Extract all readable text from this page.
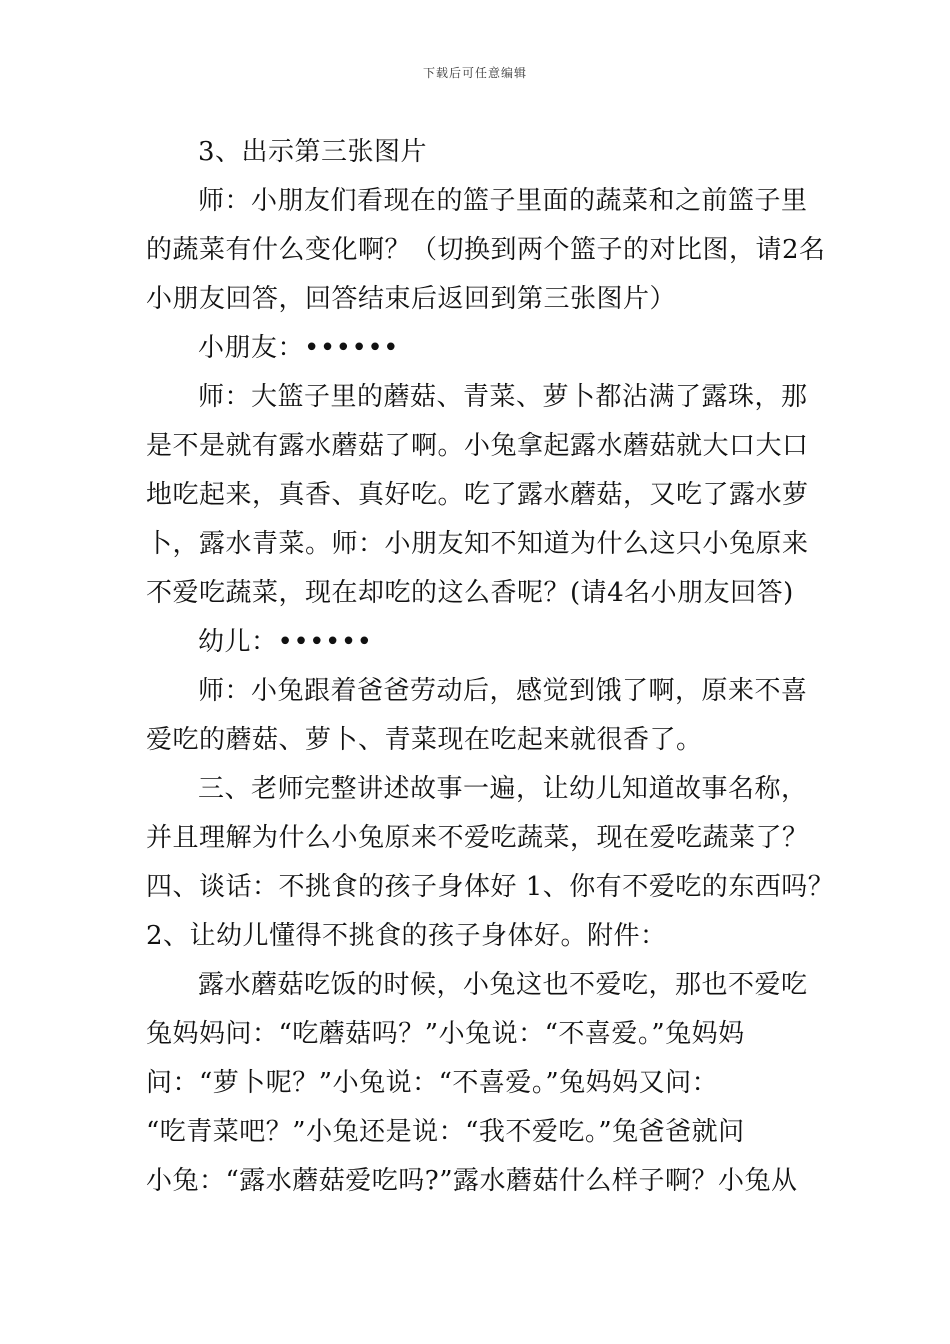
下载后可任意编辑
3、出示第三张图片
师：小朋友们看现在的篮子里面的蔬菜和之前篮子里
的蔬菜有什么变化啊？（切换到两个篮子的对比图，请2名
小朋友回答，回答结束后返回到第三张图片）
小朋友：••••••
师：大篮子里的蘑菇、青菜、萝卜都沾满了露珠，那
是不是就有露水蘑菇了啊。小兔拿起露水蘑菇就大口大口
地吃起来，真香、真好吃。吃了露水蘑菇，又吃了露水萝
卜，露水青菜。师：小朋友知不知道为什么这只小兔原来
不爱吃蔬菜，现在却吃的这么香呢？(请4名小朋友回答)
幼儿：••••••
师：小兔跟着爸爸劳动后，感觉到饿了啊，原来不喜
爱吃的蘑菇、萝卜、青菜现在吃起来就很香了。
三、老师完整讲述故事一遍，让幼儿知道故事名称，
并且理解为什么小兔原来不爱吃蔬菜，现在爱吃蔬菜了？
四、谈话：不挑食的孩子身体好 1、你有不爱吃的东西吗？
2、让幼儿懂得不挑食的孩子身体好。附件：
露水蘑菇吃饭的时候，小兔这也不爱吃，那也不爱吃
兔妈妈问：“吃蘑菇吗？”小兔说：“不喜爱。”兔妈妈
问：“萝卜呢？”小兔说：“不喜爱。”兔妈妈又问：
“吃青菜吧？”小兔还是说：“我不爱吃。”兔爸爸就问
小兔：“露水蘑菇爱吃吗?”露水蘑菇什么样子啊？小兔从
